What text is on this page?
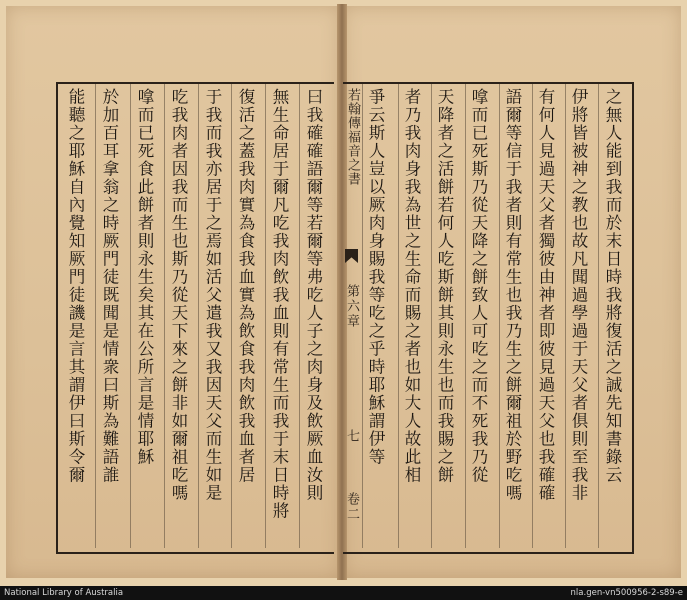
若翰傳福音之書
第六章
七
卷二
爭云斯人豈以厥肉身賜我等吃之乎時耶穌謂伊等 者乃我肉身我為世之生命而賜之者也如大人故此相 天降者之活餅若何人吃斯餅其則永生也而我賜之餅 嗱而已死斯乃從天降之餅致人可吃之而不死我乃從 語爾等信于我者則有常生也我乃生之餅爾祖於野吃嗎 有何人見過天父者獨彼由神者即彼見過天父也我確確 伊將皆被神之教也故凡聞過學過于天父者俱則至我非 之無人能到我而於末日時我將復活之誠先知書錄云
能聽之耶穌自內覺知厥門徒譏是言其謂伊曰斯令爾 於加百耳拿翁之時厥門徒既聞是情衆曰斯為難語誰 嗱而已死食此餅者則永生矣其在公所言是情耶穌 吃我肉者因我而生也斯乃從天下來之餅非如爾祖吃嗎 于我而我亦居于之焉如活父遣我又我因天父而生如是 復活之蓋我肉實為食我血實為飲食我肉飲我血者居 無生命居于爾凡吃我肉飲我血則有常生而我于末日時將 曰我確確語爾等若爾等弗吃人子之肉身及飲厥血汝則
National Library of Australia	nla.gen-vn500956-2-s89-e
